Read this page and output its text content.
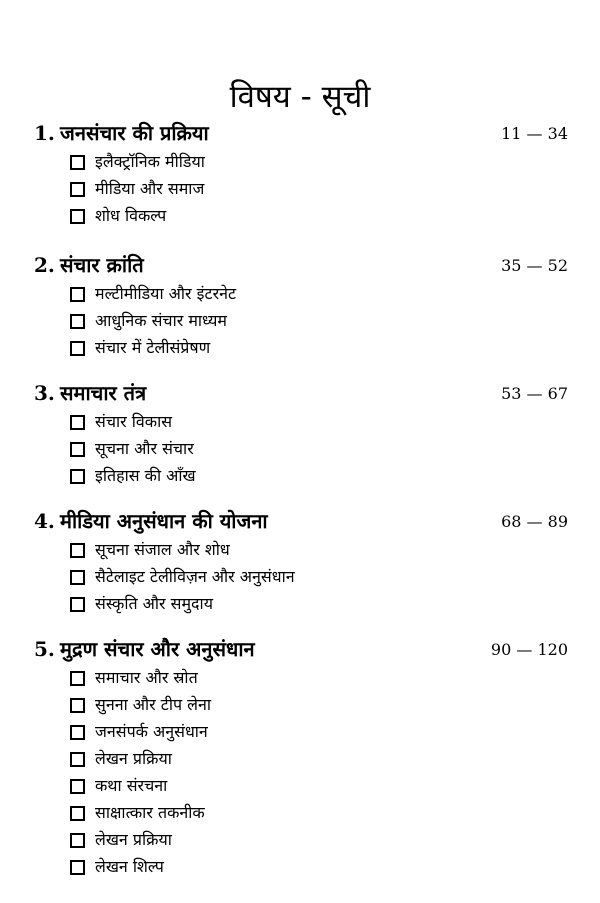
विषय - सूची
1. जनसंचार की प्रक्रिया	11 — 34
इलैक्ट्रॉनिक मीडिया
मीडिया और समाज
शोध विकल्प
2. संचार क्रांति	35 — 52
मल्टीमीडिया और इंटरनेट
आधुनिक संचार माध्यम
संचार में टेलीसंप्रेषण
3. समाचार तंत्र	53 — 67
संचार विकास
सूचना और संचार
इतिहास की आँख
4. मीडिया अनुसंधान की योजना	68 — 89
सूचना संजाल और शोध
सैटेलाइट टेलीविज़न और अनुसंधान
संस्कृति और समुदाय
5. मुद्रण संचार और अनुसंधान	90 — 120
समाचार और स्रोत
सुनना और टीप लेना
जनसंपर्क अनुसंधान
लेखन प्रक्रिया
कथा संरचना
साक्षात्कार तकनीक
लेखन प्रक्रिया
लेखन शिल्प
